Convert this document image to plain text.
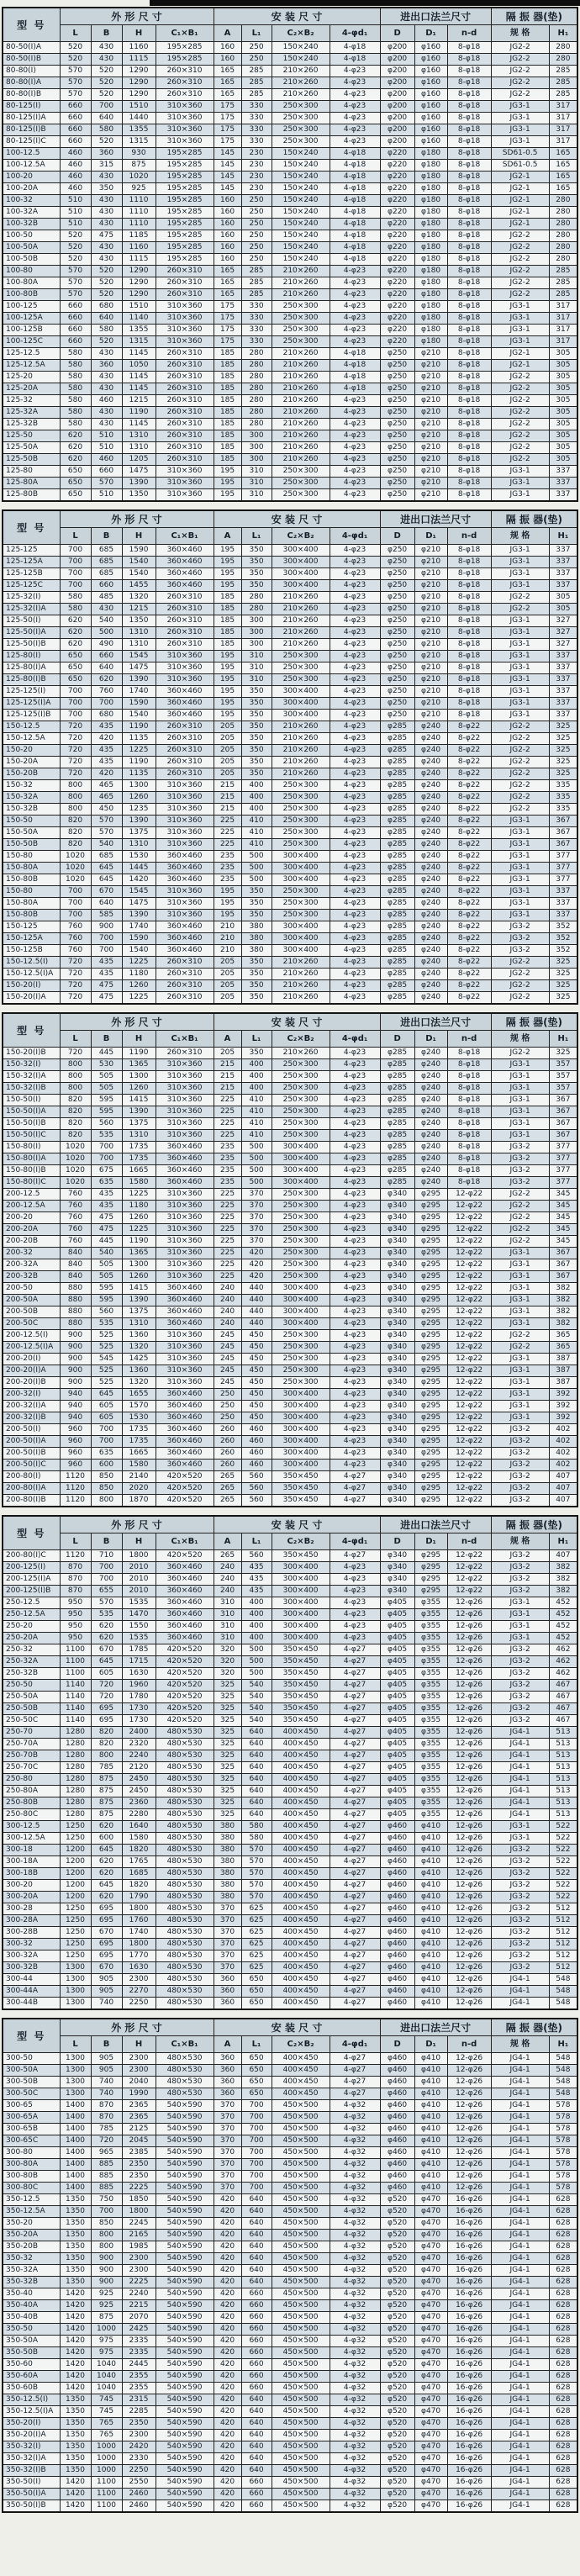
型 号	外 形 尺 寸				安 装 尺 寸				进出口法兰尺寸			隔 振 器(垫)	
	L	B	H	C₁×B₁	A	L₁	C₂×B₂	4-φd₁	D	D₁	n-d	规 格	H₁
80-50(I)A	520	430	1160	195×285	160	250	150×240	4-φ18	φ200	φ160	8-φ18	JG2-2	280
80-50(I)B	520	430	1115	195×285	160	250	150×240	4-φ18	φ200	φ160	8-φ18	JG2-2	280
80-80(I)	570	520	1290	260×310	165	285	210×260	4-φ23	φ200	φ160	8-φ18	JG2-2	285
80-80(I)A	570	520	1290	260×310	165	285	210×260	4-φ23	φ200	φ160	8-φ18	JG2-2	285
80-80(I)B	570	520	1290	260×310	165	285	210×260	4-φ23	φ200	φ160	8-φ18	JG2-2	285
80-125(I)	660	700	1510	310×360	175	330	250×300	4-φ23	φ200	φ160	8-φ18	JG3-1	317
80-125(I)A	660	640	1440	310×360	175	330	250×300	4-φ23	φ200	φ160	8-φ18	JG3-1	317
80-125(I)B	660	580	1355	310×360	175	330	250×300	4-φ23	φ200	φ160	8-φ18	JG3-1	317
80-125(I)C	660	520	1315	310×360	175	330	250×300	4-φ23	φ200	φ160	8-φ18	JG3-1	317
100-12.5	460	360	930	195×285	145	230	150×240	4-φ18	φ220	φ180	8-φ18	SD61-0.5	165
100-12.5A	460	315	875	195×285	145	230	150×240	4-φ18	φ220	φ180	8-φ18	SD61-0.5	165
100-20	460	430	1020	195×285	145	230	150×240	4-φ18	φ220	φ180	8-φ18	JG2-1	165
100-20A	460	350	925	195×285	145	230	150×240	4-φ18	φ220	φ180	8-φ18	JG2-1	165
100-32	510	430	1110	195×285	160	250	150×240	4-φ18	φ220	φ180	8-φ18	JG2-1	280
100-32A	510	430	1110	195×285	160	250	150×240	4-φ18	φ220	φ180	8-φ18	JG2-1	280
100-32B	510	430	1110	195×285	160	250	150×240	4-φ18	φ220	φ180	8-φ18	JG2-1	280
100-50	520	475	1185	195×285	160	250	150×240	4-φ18	φ220	φ180	8-φ18	JG2-2	280
100-50A	520	430	1160	195×285	160	250	150×240	4-φ18	φ220	φ180	8-φ18	JG2-2	280
100-50B	520	430	1115	195×285	160	250	150×240	4-φ18	φ220	φ180	8-φ18	JG2-2	280
100-80	570	520	1290	260×310	165	285	210×260	4-φ23	φ220	φ180	8-φ18	JG2-2	285
100-80A	570	520	1290	260×310	165	285	210×260	4-φ23	φ220	φ180	8-φ18	JG2-2	285
100-80B	570	520	1290	260×310	165	285	210×260	4-φ23	φ220	φ180	8-φ18	JG2-2	285
100-125	660	680	1510	310×360	175	330	250×300	4-φ23	φ220	φ180	8-φ18	JG3-1	317
100-125A	660	640	1140	310×360	175	330	250×300	4-φ23	φ220	φ180	8-φ18	JG3-1	317
100-125B	660	580	1355	310×360	175	330	250×300	4-φ23	φ220	φ180	8-φ18	JG3-1	317
100-125C	660	520	1315	310×360	175	330	250×300	4-φ23	φ220	φ180	8-φ18	JG3-1	317
125-12.5	580	430	1145	260×310	185	280	210×260	4-φ18	φ250	φ210	8-φ18	JG2-1	305
125-12.5A	580	360	1050	260×310	185	280	210×260	4-φ18	φ250	φ210	8-φ18	JG2-1	305
125-20	580	430	1145	260×310	185	280	210×260	4-φ18	φ250	φ210	8-φ18	JG2-2	305
125-20A	580	430	1145	260×310	185	280	210×260	4-φ18	φ250	φ210	8-φ18	JG2-2	305
125-32	580	460	1215	260×310	185	280	210×260	4-φ23	φ250	φ210	8-φ18	JG2-2	305
125-32A	580	430	1190	260×310	185	280	210×260	4-φ23	φ250	φ210	8-φ18	JG2-2	305
125-32B	580	430	1145	260×310	185	280	210×260	4-φ23	φ250	φ210	8-φ18	JG2-2	305
125-50	620	510	1310	260×310	185	300	210×260	4-φ23	φ250	φ210	8-φ18	JG2-2	305
125-50A	620	510	1310	260×310	185	300	210×260	4-φ23	φ250	φ210	8-φ18	JG2-2	305
125-50B	620	460	1205	260×310	185	300	210×260	4-φ23	φ250	φ210	8-φ18	JG2-2	305
125-80	650	660	1475	310×360	195	310	250×300	4-φ23	φ250	φ210	8-φ18	JG3-1	337
125-80A	650	570	1390	310×360	195	310	250×300	4-φ23	φ250	φ210	8-φ18	JG3-1	337
125-80B	650	510	1350	310×360	195	310	250×300	4-φ23	φ250	φ210	8-φ18	JG3-1	337
型 号	外 形 尺 寸				安 装 尺 寸				进出口法兰尺寸			隔 振 器(垫)	
	L	B	H	C₁×B₁	A	L₁	C₂×B₂	4-φd₁	D	D₁	n-d	规 格	H₁
125-125	700	685	1590	360×460	195	350	300×400	4-φ23	φ250	φ210	8-φ18	JG3-1	337
125-125A	700	685	1540	360×460	195	350	300×400	4-φ23	φ250	φ210	8-φ18	JG3-1	337
125-125B	700	685	1540	360×460	195	350	300×400	4-φ23	φ250	φ210	8-φ18	JG3-1	337
125-125C	700	660	1455	360×460	195	350	300×400	4-φ23	φ250	φ210	8-φ18	JG3-1	337
125-32(I)	580	485	1320	260×310	185	280	210×260	4-φ23	φ250	φ210	8-φ18	JG2-2	305
125-32(I)A	580	430	1215	260×310	185	280	210×260	4-φ23	φ250	φ210	8-φ18	JG2-2	305
125-50(I)	620	540	1350	260×310	185	300	210×260	4-φ23	φ250	φ210	8-φ18	JG3-1	327
125-50(I)A	620	500	1310	260×310	185	300	210×260	4-φ23	φ250	φ210	8-φ18	JG3-1	327
125-50(I)B	620	490	1310	260×310	185	300	210×260	4-φ23	φ250	φ210	8-φ18	JG3-1	327
125-80(I)	650	660	1545	310×360	195	310	250×300	4-φ23	φ250	φ210	8-φ18	JG3-1	337
125-80(I)A	650	640	1475	310×360	195	310	250×300	4-φ23	φ250	φ210	8-φ18	JG3-1	337
125-80(I)B	650	620	1390	310×360	195	310	250×300	4-φ23	φ250	φ210	8-φ18	JG3-1	337
125-125(I)	700	760	1740	360×460	195	350	300×400	4-φ23	φ250	φ210	8-φ18	JG3-1	337
125-125(I)A	700	700	1590	360×460	195	350	300×400	4-φ23	φ250	φ210	8-φ18	JG3-1	337
125-125(I)B	700	680	1540	360×460	195	350	300×400	4-φ23	φ250	φ210	8-φ18	JG3-1	337
150-12.5	720	435	1190	260×310	205	350	210×260	4-φ23	φ285	φ240	8-φ22	JG2-2	325
150-12.5A	720	420	1135	260×310	205	350	210×260	4-φ23	φ285	φ240	8-φ22	JG2-2	325
150-20	720	435	1225	260×310	205	350	210×260	4-φ23	φ285	φ240	8-φ22	JG2-2	325
150-20A	720	435	1190	260×310	205	350	210×260	4-φ23	φ285	φ240	8-φ22	JG2-2	325
150-20B	720	420	1135	260×310	205	350	210×260	4-φ23	φ285	φ240	8-φ22	JG2-2	325
150-32	800	465	1300	310×360	215	400	250×300	4-φ23	φ285	φ240	8-φ22	JG2-2	335
150-32A	800	465	1260	310×360	215	400	250×300	4-φ23	φ285	φ240	8-φ22	JG2-2	335
150-32B	800	450	1235	310×360	215	400	250×300	4-φ23	φ285	φ240	8-φ22	JG2-2	335
150-50	820	570	1390	310×360	225	410	250×300	4-φ23	φ285	φ240	8-φ22	JG3-1	367
150-50A	820	570	1375	310×360	225	410	250×300	4-φ23	φ285	φ240	8-φ22	JG3-1	367
150-50B	820	540	1310	310×360	225	410	250×300	4-φ23	φ285	φ240	8-φ22	JG3-1	367
150-80	1020	685	1530	360×460	235	500	300×400	4-φ23	φ285	φ240	8-φ22	JG3-1	377
150-80A	1020	645	1445	360×460	235	500	300×400	4-φ23	φ285	φ240	8-φ22	JG3-1	377
150-80B	1020	645	1420	360×460	235	500	300×400	4-φ23	φ285	φ240	8-φ22	JG3-1	377
150-80	700	670	1545	310×360	195	350	250×300	4-φ23	φ285	φ240	8-φ22	JG3-1	337
150-80A	700	640	1475	310×360	195	350	250×300	4-φ23	φ285	φ240	8-φ22	JG3-1	337
150-80B	700	585	1390	310×360	195	350	250×300	4-φ23	φ285	φ240	8-φ22	JG3-1	337
150-125	760	900	1740	360×460	210	380	300×400	4-φ23	φ285	φ240	8-φ22	JG3-2	352
150-125A	760	700	1590	360×460	210	380	300×400	4-φ23	φ285	φ240	8-φ22	JG3-2	352
150-125B	760	700	1540	360×460	210	380	300×400	4-φ23	φ285	φ240	8-φ22	JG3-2	352
150-12.5(I)	720	435	1225	260×310	205	350	210×260	4-φ23	φ285	φ240	8-φ22	JG2-2	325
150-12.5(I)A	720	435	1180	260×310	205	350	210×260	4-φ23	φ285	φ240	8-φ22	JG2-2	325
150-20(I)	720	475	1260	260×310	205	350	210×260	4-φ23	φ285	φ240	8-φ22	JG2-2	325
150-20(I)A	720	475	1225	260×310	205	350	210×260	4-φ23	φ285	φ240	8-φ22	JG2-2	325
型 号	外 形 尺 寸				安 装 尺 寸				进出口法兰尺寸			隔 振 器(垫)	
	L	B	H	C₁×B₁	A	L₁	C₂×B₂	4-φd₁	D	D₁	n-d	规 格	H₁
150-20(I)B	720	445	1190	260×310	205	350	210×260	4-φ23	φ285	φ240	8-φ18	JG2-2	325
150-32(I)	800	530	1365	310×360	215	400	250×300	4-φ23	φ285	φ240	8-φ18	JG3-1	357
150-32(I)A	800	505	1300	310×360	215	400	250×300	4-φ23	φ285	φ240	8-φ18	JG3-1	357
150-32(I)B	800	505	1260	310×360	215	400	250×300	4-φ23	φ285	φ240	8-φ18	JG3-1	357
150-50(I)	820	595	1415	310×360	225	410	250×300	4-φ23	φ285	φ240	8-φ18	JG3-1	367
150-50(I)A	820	595	1390	310×360	225	410	250×300	4-φ23	φ285	φ240	8-φ18	JG3-1	367
150-50(I)B	820	560	1375	310×360	225	410	250×300	4-φ23	φ285	φ240	8-φ18	JG3-1	367
150-50(I)C	820	535	1310	310×360	225	410	250×300	4-φ23	φ285	φ240	8-φ18	JG3-1	367
150-80(I)	1020	700	1735	360×460	235	500	300×400	4-φ23	φ285	φ240	8-φ18	JG3-2	377
150-80(I)A	1020	700	1735	360×460	235	500	300×400	4-φ23	φ285	φ240	8-φ18	JG3-2	377
150-80(I)B	1020	675	1665	360×460	235	500	300×400	4-φ23	φ285	φ240	8-φ18	JG3-2	377
150-80(I)C	1020	635	1580	360×460	235	500	300×400	4-φ23	φ285	φ240	8-φ18	JG3-2	377
200-12.5	760	435	1225	310×360	225	370	250×300	4-φ23	φ340	φ295	12-φ22	JG2-2	345
200-12.5A	760	435	1180	310×360	225	370	250×300	4-φ23	φ340	φ295	12-φ22	JG2-2	345
200-20	760	475	1260	310×360	225	370	250×300	4-φ23	φ340	φ295	12-φ22	JG2-2	345
200-20A	760	475	1225	310×360	225	370	250×300	4-φ23	φ340	φ295	12-φ22	JG2-2	345
200-20B	760	445	1190	310×360	225	370	250×300	4-φ23	φ340	φ295	12-φ22	JG2-2	345
200-32	840	540	1365	310×360	225	420	250×300	4-φ23	φ340	φ295	12-φ22	JG3-1	367
200-32A	840	505	1300	310×360	225	420	250×300	4-φ23	φ340	φ295	12-φ22	JG3-1	367
200-32B	840	505	1260	310×360	225	420	250×300	4-φ23	φ340	φ295	12-φ22	JG3-1	367
200-50	880	595	1415	360×460	240	440	300×400	4-φ23	φ340	φ295	12-φ22	JG3-1	382
200-50A	880	595	1390	360×460	240	440	300×400	4-φ23	φ340	φ295	12-φ22	JG3-1	382
200-50B	880	560	1375	360×460	240	440	300×400	4-φ23	φ340	φ295	12-φ22	JG3-1	382
200-50C	880	535	1310	360×460	240	440	300×400	4-φ23	φ340	φ295	12-φ22	JG3-1	382
200-12.5(I)	900	525	1360	310×360	245	450	250×300	4-φ23	φ340	φ295	12-φ22	JG2-2	365
200-12.5(I)A	900	525	1320	310×360	245	450	250×300	4-φ23	φ340	φ295	12-φ22	JG2-2	365
200-20(I)	900	545	1425	310×360	245	450	250×300	4-φ23	φ340	φ295	12-φ22	JG3-1	387
200-20(I)A	900	525	1360	310×360	245	450	250×300	4-φ23	φ340	φ295	12-φ22	JG3-1	387
200-20(I)B	900	525	1320	310×360	245	450	250×300	4-φ23	φ340	φ295	12-φ22	JG3-1	387
200-32(I)	940	645	1655	360×460	250	450	300×400	4-φ23	φ340	φ295	12-φ22	JG3-1	392
200-32(I)A	940	605	1570	360×460	250	450	300×400	4-φ23	φ340	φ295	12-φ22	JG3-1	392
200-32(I)B	940	605	1530	360×460	250	450	300×400	4-φ23	φ340	φ295	12-φ22	JG3-1	392
200-50(I)	960	700	1735	360×460	260	460	300×400	4-φ23	φ340	φ295	12-φ22	JG3-2	402
200-50(I)A	960	700	1735	360×460	260	460	300×400	4-φ23	φ340	φ295	12-φ22	JG3-2	402
200-50(I)B	960	635	1665	360×460	260	460	300×400	4-φ23	φ340	φ295	12-φ22	JG3-2	402
200-50(I)C	960	600	1580	360×460	260	460	300×400	4-φ23	φ340	φ295	12-φ22	JG3-2	402
200-80(I)	1120	850	2140	420×520	265	560	350×450	4-φ27	φ340	φ295	12-φ22	JG3-2	407
200-80(I)A	1120	850	2020	420×520	265	560	350×450	4-φ27	φ340	φ295	12-φ22	JG3-2	407
200-80(I)B	1120	800	1870	420×520	265	560	350×450	4-φ27	φ340	φ295	12-φ22	JG3-2	407
型 号	外 形 尺 寸				安 装 尺 寸				进出口法兰尺寸			隔 振 器(垫)	
	L	B	H	C₁×B₁	A	L₁	C₂×B₂	4-φd₁	D	D₁	n-d	规 格	H₁
200-80(I)C	1120	710	1800	420×520	265	560	350×450	4-φ27	φ340	φ295	12-φ22	JG3-2	407
200-125(I)	870	700	2010	360×460	240	435	300×400	4-φ23	φ340	φ295	12-φ22	JG3-2	382
200-125(I)A	870	700	2010	360×460	240	435	300×400	4-φ23	φ340	φ295	12-φ22	JG3-2	382
200-125(I)B	870	655	2010	360×460	240	435	300×400	4-φ23	φ340	φ295	12-φ22	JG3-2	382
250-12.5	950	570	1535	360×460	310	400	300×400	4-φ23	φ405	φ355	12-φ26	JG3-1	452
250-12.5A	950	535	1470	360×460	310	400	300×400	4-φ23	φ405	φ355	12-φ26	JG3-1	452
250-20	950	620	1550	360×460	310	400	300×400	4-φ23	φ405	φ355	12-φ26	JG3-1	452
250-20A	950	620	1535	360×460	310	400	300×400	4-φ23	φ405	φ355	12-φ26	JG3-1	452
250-32	1100	670	1785	420×520	320	500	350×450	4-φ27	φ405	φ355	12-φ26	JG3-2	462
250-32A	1100	645	1715	420×520	320	500	350×450	4-φ27	φ405	φ355	12-φ26	JG3-2	462
250-32B	1100	605	1630	420×520	320	500	350×450	4-φ27	φ405	φ355	12-φ26	JG3-2	462
250-50	1140	720	1960	420×520	325	540	350×450	4-φ27	φ405	φ355	12-φ26	JG3-2	467
250-50A	1140	720	1780	420×520	325	540	350×450	4-φ27	φ405	φ355	12-φ26	JG3-2	467
250-50B	1140	695	1730	420×520	325	540	350×450	4-φ27	φ405	φ355	12-φ26	JG3-2	467
250-50C	1140	695	1730	420×520	325	540	350×450	4-φ27	φ405	φ355	12-φ26	JG3-2	467
250-70	1280	820	2400	480×530	325	640	400×450	4-φ27	φ405	φ355	12-φ26	JG4-1	513
250-70A	1280	820	2320	480×530	325	640	400×450	4-φ27	φ405	φ355	12-φ26	JG4-1	513
250-70B	1280	800	2240	480×530	325	640	400×450	4-φ27	φ405	φ355	12-φ26	JG4-1	513
250-70C	1280	785	2120	480×530	325	640	400×450	4-φ27	φ405	φ355	12-φ26	JG4-1	513
250-80	1280	875	2450	480×530	325	640	400×450	4-φ27	φ405	φ355	12-φ26	JG4-1	513
250-80A	1280	875	2450	480×530	325	640	400×450	4-φ27	φ405	φ355	12-φ26	JG4-1	513
250-80B	1280	875	2360	480×530	325	640	400×450	4-φ27	φ405	φ355	12-φ26	JG4-1	513
250-80C	1280	875	2280	480×530	325	640	400×450	4-φ27	φ405	φ355	12-φ26	JG4-1	513
300-12.5	1250	620	1640	480×530	380	580	400×450	4-φ27	φ460	φ410	12-φ26	JG3-1	522
300-12.5A	1250	600	1580	480×530	380	580	400×450	4-φ27	φ460	φ410	12-φ26	JG3-1	522
300-18	1200	645	1820	480×530	380	570	400×450	4-φ27	φ460	φ410	12-φ26	JG3-2	522
300-18A	1200	620	1765	480×530	380	570	400×450	4-φ27	φ460	φ410	12-φ26	JG3-2	522
300-18B	1200	620	1685	480×530	380	570	400×450	4-φ27	φ460	φ410	12-φ26	JG3-2	522
300-20	1200	645	1820	480×530	380	570	400×450	4-φ27	φ460	φ410	12-φ26	JG3-2	522
300-20A	1200	620	1790	480×530	380	570	400×450	4-φ27	φ460	φ410	12-φ26	JG3-2	522
300-28	1250	695	1800	480×530	370	625	400×450	4-φ27	φ460	φ410	12-φ26	JG3-2	512
300-28A	1250	695	1760	480×530	370	625	400×450	4-φ27	φ460	φ410	12-φ26	JG3-2	512
300-28B	1250	670	1740	480×530	370	625	400×450	4-φ27	φ460	φ410	12-φ26	JG3-2	512
300-32	1250	695	1800	480×530	370	625	400×450	4-φ27	φ460	φ410	12-φ26	JG3-2	512
300-32A	1250	695	1770	480×530	370	625	400×450	4-φ27	φ460	φ410	12-φ26	JG3-2	512
300-32B	1300	670	1630	480×530	370	625	400×450	4-φ27	φ460	φ410	12-φ26	JG3-2	512
300-44	1300	905	2300	480×530	360	650	400×450	4-φ27	φ460	φ410	12-φ26	JG4-1	548
300-44A	1300	905	2270	480×530	360	650	400×450	4-φ27	φ460	φ410	12-φ26	JG4-1	548
300-44B	1300	740	2250	480×530	360	650	400×450	4-φ27	φ460	φ410	12-φ26	JG4-1	548
型 号	外 形 尺 寸				安 装 尺 寸				进出口法兰尺寸			隔 振 器(垫)	
	L	B	H	C₁×B₁	A	L₁	C₂×B₂	4-φd₁	D	D₁	n-d	规 格	H₁
300-50	1300	905	2300	480×530	360	650	400×450	4-φ27	φ460	φ410	12-φ26	JG4-1	548
300-50A	1300	905	2300	480×530	360	650	400×450	4-φ27	φ460	φ410	12-φ26	JG4-1	548
300-50B	1300	740	2040	480×530	360	650	400×450	4-φ27	φ460	φ410	12-φ26	JG4-1	548
300-50C	1300	740	1990	480×530	360	650	400×450	4-φ27	φ460	φ410	12-φ26	JG4-1	548
300-65	1400	870	2365	540×590	370	700	450×500	4-φ32	φ460	φ410	12-φ26	JG4-1	578
300-65A	1400	870	2365	540×590	370	700	450×500	4-φ32	φ460	φ410	12-φ26	JG4-1	578
300-65B	1400	785	2125	540×590	370	700	450×500	4-φ32	φ460	φ410	12-φ26	JG4-1	578
300-65C	1400	720	2045	540×590	370	700	450×500	4-φ32	φ460	φ410	12-φ26	JG4-1	578
300-80	1400	965	2385	540×590	370	700	450×500	4-φ32	φ460	φ410	12-φ26	JG4-1	578
300-80A	1400	885	2350	540×590	370	700	450×500	4-φ32	φ460	φ410	12-φ26	JG4-1	578
300-80B	1400	885	2350	540×590	370	700	450×500	4-φ32	φ460	φ410	12-φ26	JG4-1	578
300-80C	1400	885	2225	540×590	370	700	450×500	4-φ32	φ460	φ410	12-φ26	JG4-1	578
350-12.5	1350	750	1850	540×590	420	640	450×500	4-φ32	φ520	φ470	16-φ26	JG4-1	628
350-12.5A	1350	700	1800	540×590	420	640	450×500	4-φ32	φ520	φ470	16-φ26	JG4-1	628
350-20	1350	850	2245	540×590	420	640	450×500	4-φ32	φ520	φ470	16-φ26	JG4-1	628
350-20A	1350	800	2165	540×590	420	640	450×500	4-φ32	φ520	φ470	16-φ26	JG4-1	628
350-20B	1350	800	1985	540×590	420	640	450×500	4-φ32	φ520	φ470	16-φ26	JG4-1	628
350-32	1350	900	2300	540×590	420	640	450×500	4-φ32	φ520	φ470	16-φ26	JG4-1	628
350-32A	1350	900	2300	540×590	420	640	450×500	4-φ32	φ520	φ470	16-φ26	JG4-1	628
350-32B	1350	900	2225	540×590	420	640	450×500	4-φ32	φ520	φ470	16-φ26	JG4-1	628
350-40	1420	925	2240	540×590	420	660	450×500	4-φ32	φ520	φ470	16-φ26	JG4-1	628
350-40A	1420	925	2215	540×590	420	660	450×500	4-φ32	φ520	φ470	16-φ26	JG4-1	628
350-40B	1420	875	2070	540×590	420	660	450×500	4-φ32	φ520	φ470	16-φ26	JG4-1	628
350-50	1420	1000	2425	540×590	420	660	450×500	4-φ32	φ520	φ470	16-φ26	JG4-1	628
350-50A	1420	975	2335	540×590	420	660	450×500	4-φ32	φ520	φ470	16-φ26	JG4-1	628
350-50B	1420	975	2335	540×590	420	660	450×500	4-φ32	φ520	φ470	16-φ26	JG4-1	628
350-60	1420	1040	2445	540×590	420	660	450×500	4-φ32	φ520	φ470	16-φ26	JG4-1	628
350-60A	1420	1040	2355	540×590	420	660	450×500	4-φ32	φ520	φ470	16-φ26	JG4-1	628
350-60B	1420	1040	2355	540×590	420	660	450×500	4-φ32	φ520	φ470	16-φ26	JG4-1	628
350-12.5(I)	1350	745	2315	540×590	420	640	450×500	4-φ32	φ520	φ470	16-φ26	JG4-1	628
350-12.5(I)A	1350	745	2285	540×590	420	640	450×500	4-φ32	φ520	φ470	16-φ26	JG4-1	628
350-20(I)	1350	765	2350	540×590	420	640	450×500	4-φ32	φ520	φ470	16-φ26	JG4-1	628
350-20(I)A	1350	765	2300	540×590	420	640	450×500	4-φ32	φ520	φ470	16-φ26	JG4-1	628
350-32(I)	1350	1000	2420	540×590	420	640	450×500	4-φ32	φ520	φ470	16-φ26	JG4-1	628
350-32(I)A	1350	1000	2330	540×590	420	640	450×500	4-φ32	φ520	φ470	16-φ26	JG4-1	628
350-32(I)B	1350	1000	2250	540×590	420	640	450×500	4-φ32	φ520	φ470	16-φ26	JG4-1	628
350-50(I)	1420	1100	2550	540×590	420	660	450×500	4-φ32	φ520	φ470	16-φ26	JG4-1	628
350-50(I)A	1420	1100	2460	540×590	420	660	450×500	4-φ32	φ520	φ470	16-φ26	JG4-1	628
350-50(I)B	1420	1100	2460	540×590	420	660	450×500	4-φ32	φ520	φ470	16-φ26	JG4-1	628
